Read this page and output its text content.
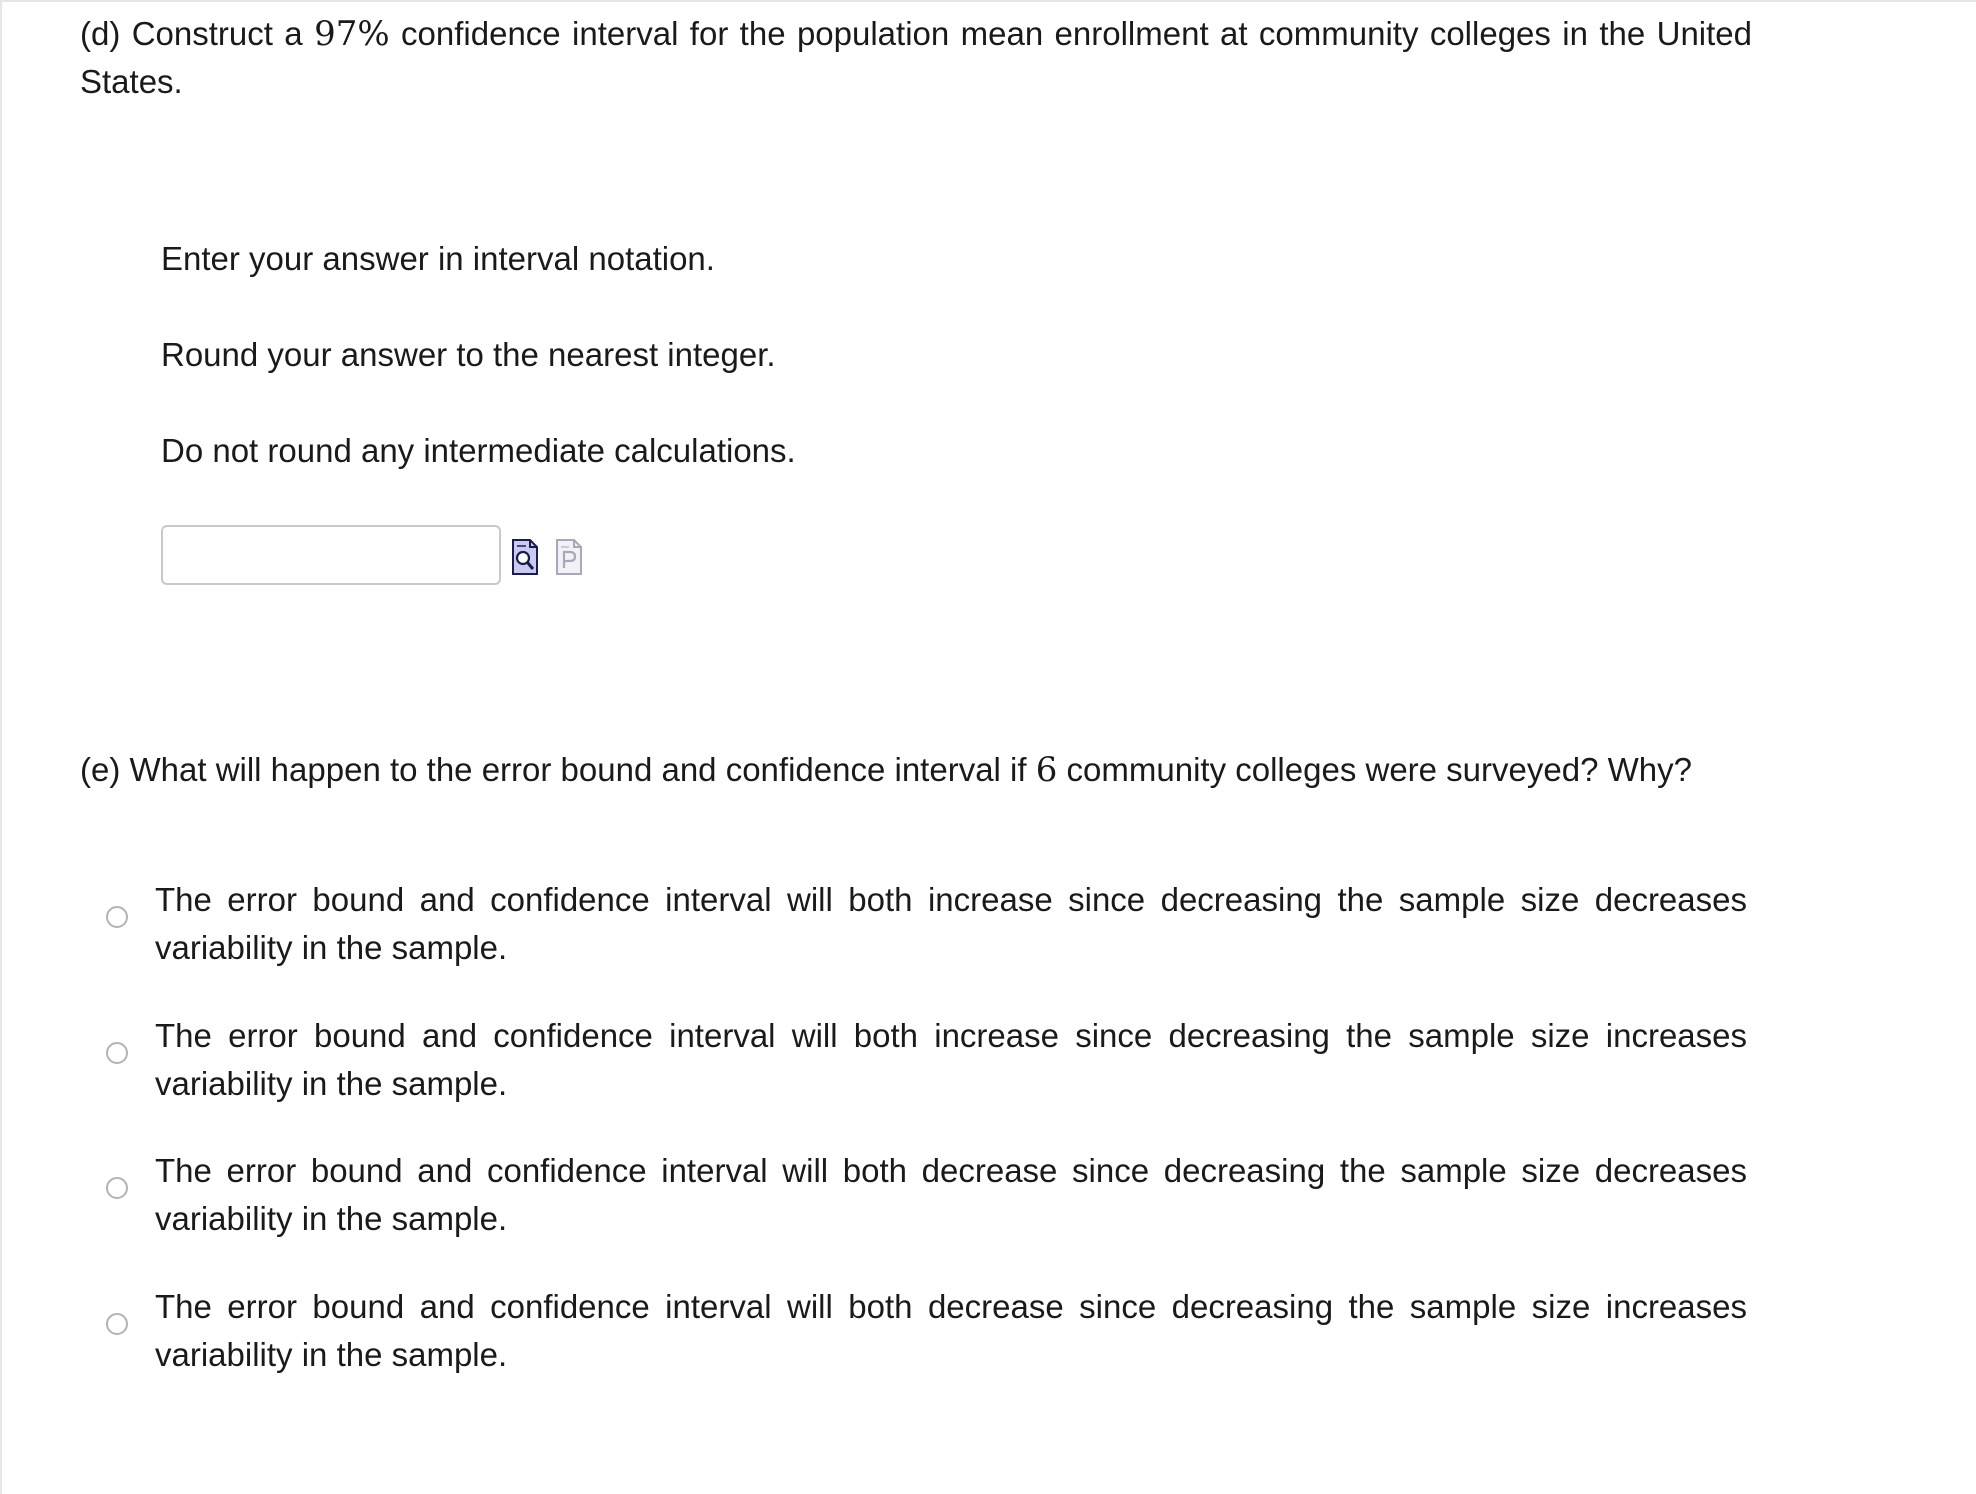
(d) Construct a 97% confidence interval for the population mean enrollment at community colleges in the United States.

Enter your answer in interval notation.

Round your answer to the nearest integer.

Do not round any intermediate calculations.

(e) What will happen to the error bound and confidence interval if 6 community colleges were surveyed? Why?

The error bound and confidence interval will both increase since decreasing the sample size decreases variability in the sample.

The error bound and confidence interval will both increase since decreasing the sample size increases variability in the sample.

The error bound and confidence interval will both decrease since decreasing the sample size decreases variability in the sample.

The error bound and confidence interval will both decrease since decreasing the sample size increases variability in the sample.
